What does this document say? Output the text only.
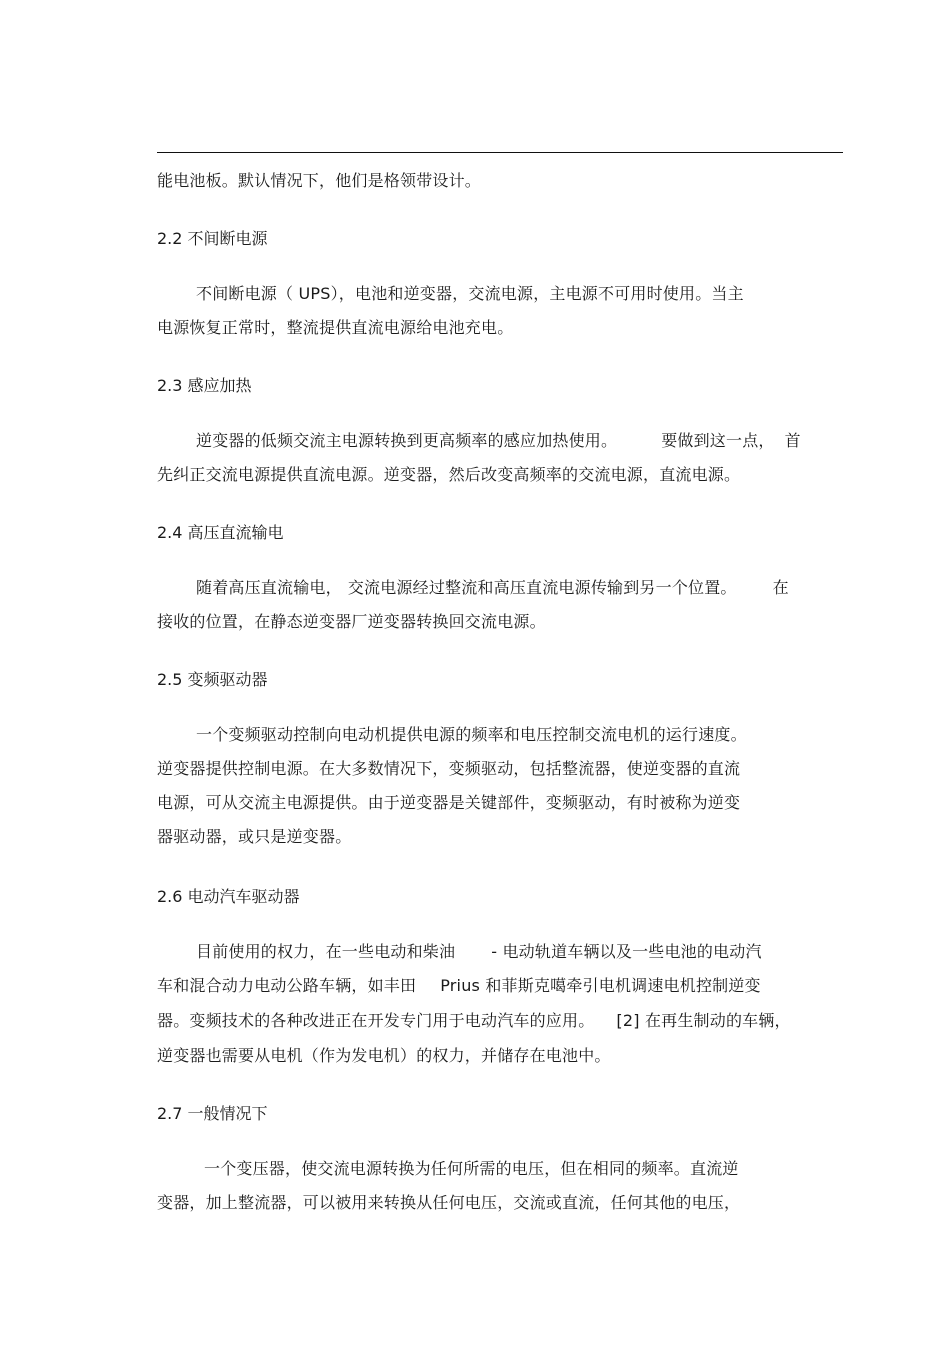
能电池板。默认情况下，他们是格领带设计。
2.2 不间断电源
不间断电源（ UPS），电池和逆变器，交流电源，主电源不可用时使用。当主
电源恢复正常时，整流提供直流电源给电池充电。
2.3 感应加热
逆变器的低频交流主电源转换到更高频率的感应加热使用。	要做到这一点， 首
先纠正交流电源提供直流电源。逆变器，然后改变高频率的交流电源，直流电源。
2.4 高压直流输电
随着高压直流输电， 交流电源经过整流和高压直流电源传输到另一个位置。 在
接收的位置，在静态逆变器厂逆变器转换回交流电源。
2.5 变频驱动器
一个变频驱动控制向电动机提供电源的频率和电压控制交流电机的运行速度。
逆变器提供控制电源。在大多数情况下，变频驱动，包括整流器，使逆变器的直流
电源，可从交流主电源提供。由于逆变器是关键部件，变频驱动，有时被称为逆变
器驱动器，或只是逆变器。
2.6 电动汽车驱动器
目前使用的权力，在一些电动和柴油 - 电动轨道车辆以及一些电池的电动汽
车和混合动力电动公路车辆，如丰田 Prius 和菲斯克噶牵引电机调速电机控制逆变
器。变频技术的各种改进正在开发专门用于电动汽车的应用。 [2] 在再生制动的车辆，
逆变器也需要从电机（作为发电机）的权力，并储存在电池中。
2.7 一般情况下
一个变压器，使交流电源转换为任何所需的电压，但在相同的频率。直流逆
变器，加上整流器，可以被用来转换从任何电压，交流或直流，任何其他的电压，
